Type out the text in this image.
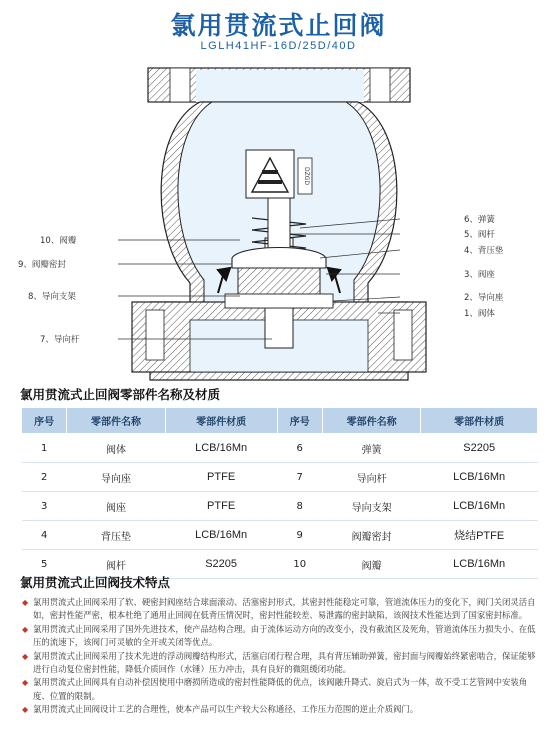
氯用贯流式止回阀
LGLH41HF-16D/25D/40D
DZGD
10、阀瓣
9、阀瓣密封
8、导向支架
7、导向杆
6、弹簧
5、阀杆
4、背压垫
3、阀座
2、导向座
1、阀体
氯用贯流式止回阀零部件名称及材质
序号	零部件名称	零部件材质	序号	零部件名称	零部件材质
1	阀体	LCB/16Mn	6	弹簧	S2205
2	导向座	PTFE	7	导向杆	LCB/16Mn
3	阀座	PTFE	8	导向支架	LCB/16Mn
4	背压垫	LCB/16Mn	9	阀瓣密封	烧结PTFE
5	阀杆	S2205	10	阀瓣	LCB/16Mn
氯用贯流式止回阀技术特点
◆ 氯用贯流式止回阀采用了软、硬密封阀座结合球面滚动、活塞密封形式，其密封性能稳定可靠，管道流体压力的变化下，阀门关闭灵活自如，密封性能严密，根本杜绝了通用止回阀在低背压情况时，密封性能较差、易泄露的密封缺陷，该阀技术性能达到了国家密封标准。
◆ 氯用贯流式止回阀采用了国外先进技术，使产品结构合理。由于流体运动方向的改变小，没有截流区及死角，管道流体压力损失小、在低压的流速下，该阀门可灵敏的全开或关闭等优点。
◆ 氯用贯流式止回阀采用了技术先进的浮动阀瓣结构形式，活塞启闭行程合理，具有背压辅助弹簧，密封面与阀瓣始终紧密啮合，保证能够进行自动复位密封性能，降低介质回作（水锤）压力冲击，具有良好的微阻缓闭功能。
◆ 氯用贯流式止回阀具有自动补偿因使用中磨损所造成的密封性能降低的优点，该阀融升降式、旋启式为一体，故不受工艺管网中安装角度、位置的限制。
◆ 氯用贯流式止回阀设计工艺的合理性，使本产品可以生产较大公称通径、工作压力范围的逆止介质阀门。
